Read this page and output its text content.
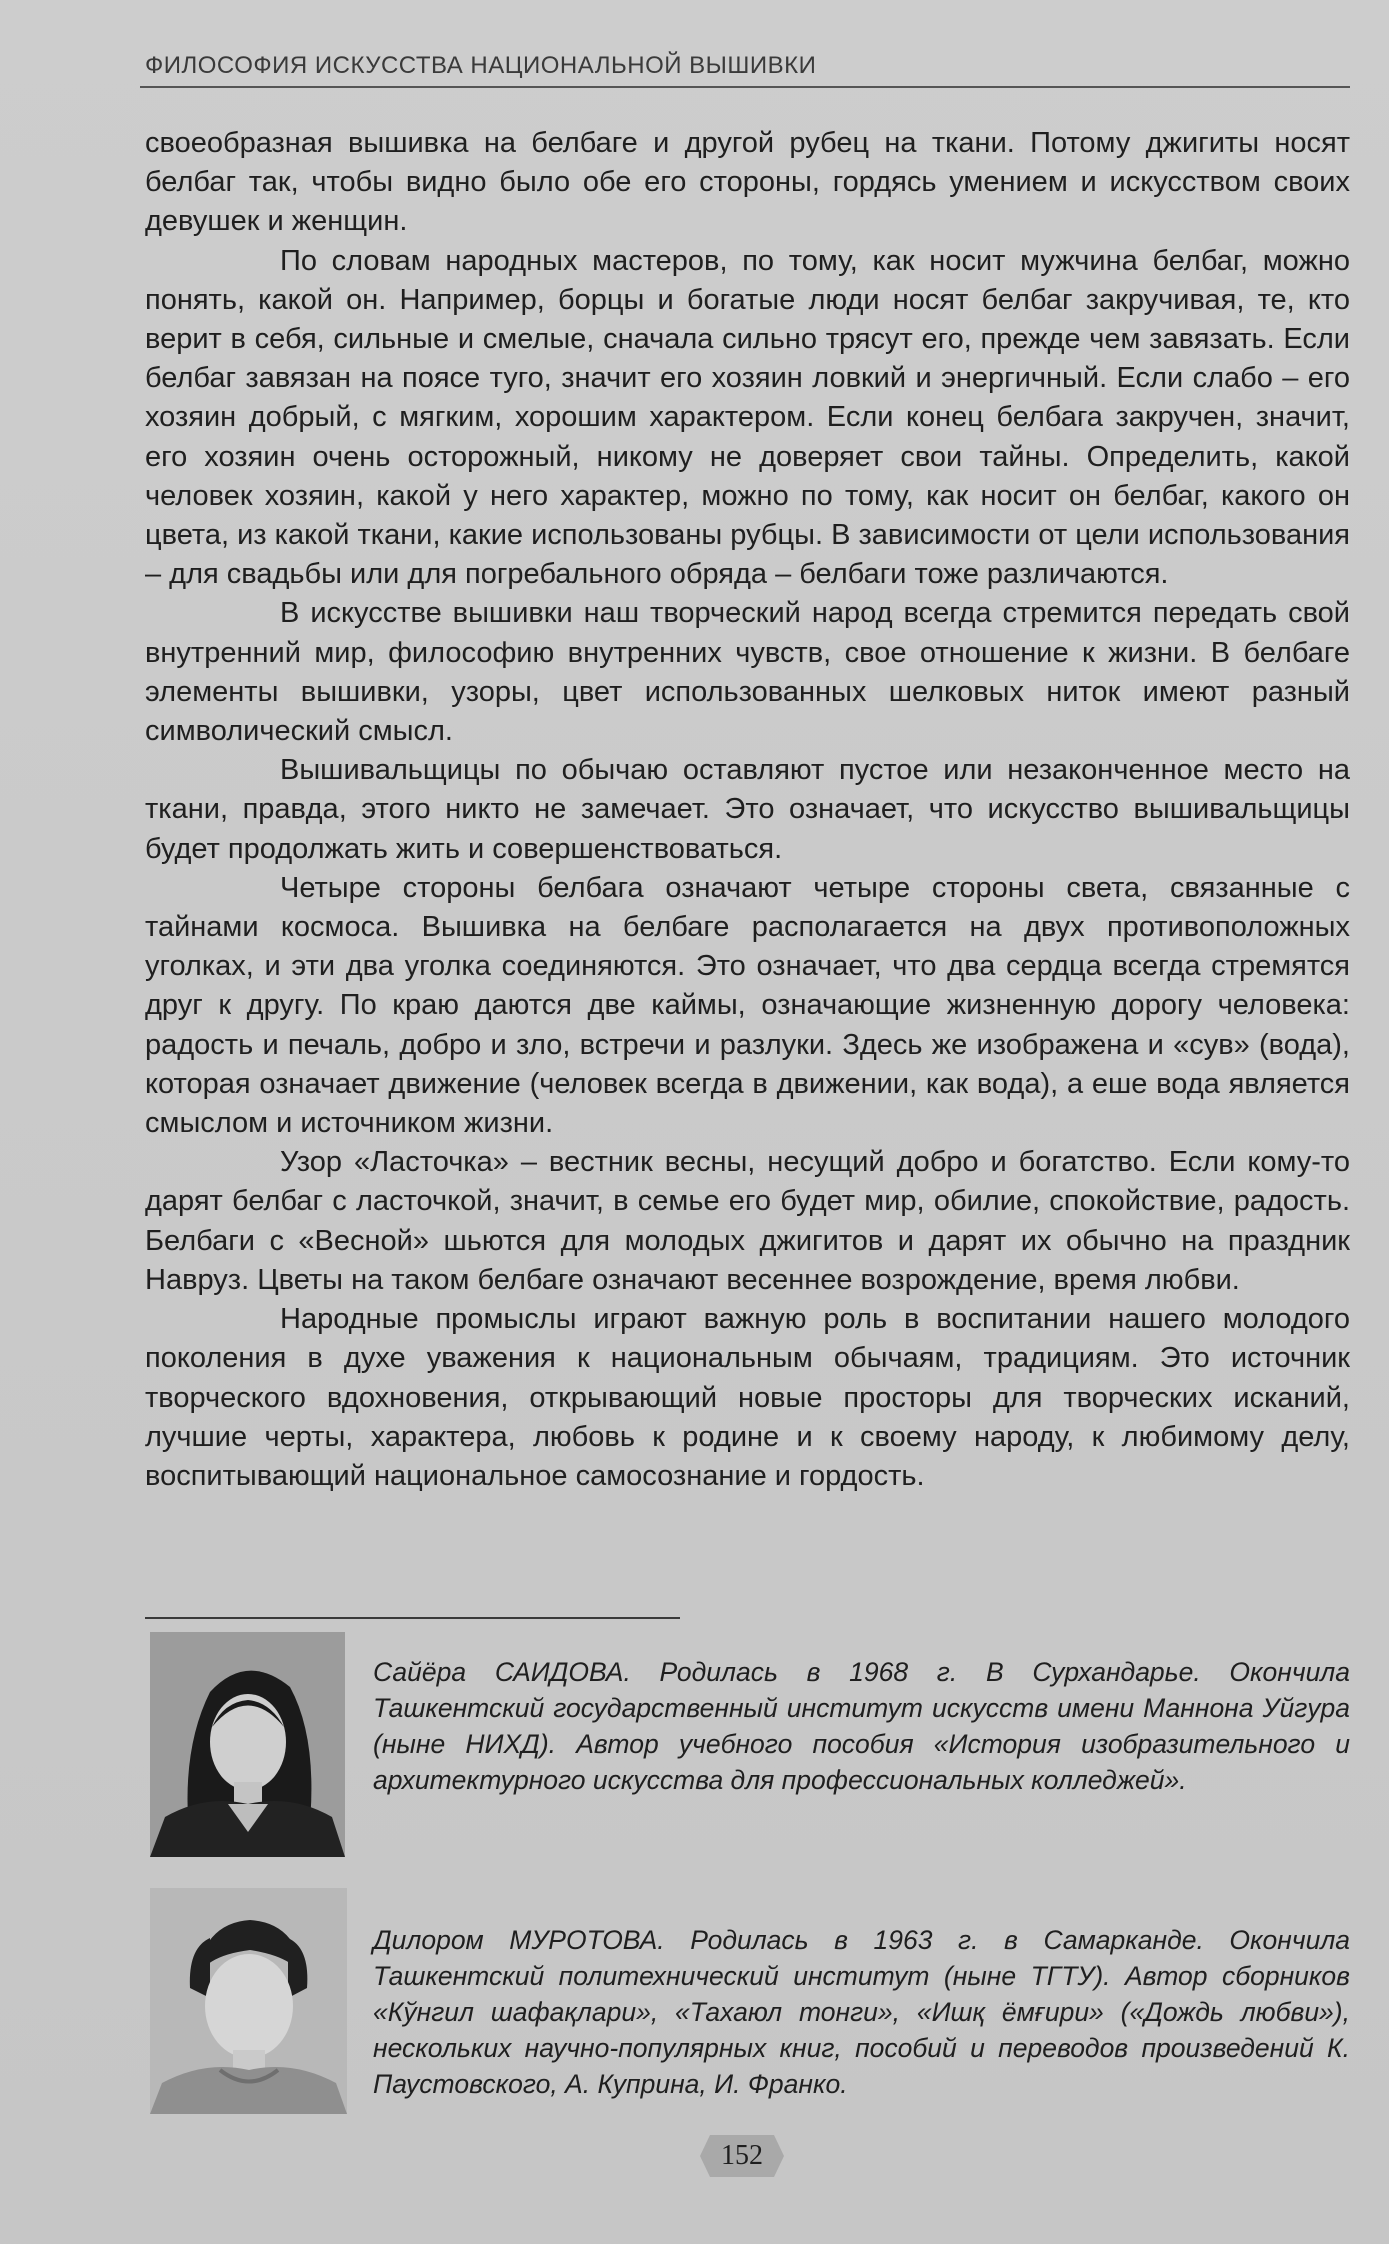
ФИЛОСОФИЯ ИСКУССТВА НАЦИОНАЛЬНОЙ ВЫШИВКИ

своеобразная вышивка на белбаге и другой рубец на ткани. Потому джигиты носят белбаг так, чтобы видно было обе его стороны, гордясь умением и искусством своих девушек и женщин.

По словам народных мастеров, по тому, как носит мужчина белбаг, можно понять, какой он. Например, борцы и богатые люди носят белбаг закручивая, те, кто верит в себя, сильные и смелые, сначала сильно трясут его, прежде чем завязать. Если белбаг завязан на поясе туго, значит его хозяин ловкий и энергичный. Если слабо – его хозяин добрый, с мягким, хорошим характером. Если конец белбага закручен, значит, его хозяин очень осторожный, никому не доверяет свои тайны. Определить, какой человек хозяин, какой у него характер, можно по тому, как носит он белбаг, какого он цвета, из какой ткани, какие использованы рубцы. В зависимости от цели использования – для свадьбы или для погребального обряда – белбаги тоже различаются.

В искусстве вышивки наш творческий народ всегда стремится передать свой внутренний мир, философию внутренних чувств, свое отношение к жизни. В белбаге элементы вышивки, узоры, цвет использованных шелковых ниток имеют разный символический смысл.

Вышивальщицы по обычаю оставляют пустое или незаконченное место на ткани, правда, этого никто не замечает. Это означает, что искусство вышивальщицы будет продолжать жить и совершенствоваться.

Четыре стороны белбага означают четыре стороны света, связанные с тайнами космоса. Вышивка на белбаге располагается на двух противоположных уголках, и эти два уголка соединяются. Это означает, что два сердца всегда стремятся друг к другу. По краю даются две каймы, означающие жизненную дорогу человека: радость и печаль, добро и зло, встречи и разлуки. Здесь же изображена и «сув» (вода), которая означает движение (человек всегда в движении, как вода), а еше вода является смыслом и источником жизни.

Узор «Ласточка» – вестник весны, несущий добро и богатство. Если кому-то дарят белбаг с ласточкой, значит, в семье его будет мир, обилие, спокойствие, радость. Белбаги с «Весной» шьются для молодых джигитов и дарят их обычно на праздник Навруз. Цветы на таком белбаге означают весеннее возрождение, время любви.

Народные промыслы играют важную роль в воспитании нашего молодого поколения в духе уважения к национальным обычаям, традициям. Это источник творческого вдохновения, открывающий новые просторы для творческих исканий, лучшие черты, характера, любовь к родине и к своему народу, к любимому делу, воспитывающий национальное самосознание и гордость.

Сайёра САИДОВА. Родилась в 1968 г. В Сурхандарье. Окончила Ташкентский государственный институт искусств имени Маннона Уйгура (ныне НИХД). Автор учебного пособия «История изобразительного и архитектурного искусства для профессиональных колледжей».
Дилором МУРОТОВА. Родилась в 1963 г. в Самарканде. Окончила Ташкентский политехнический институт (ныне ТГТУ). Автор сборников «Кўнгил шафақлари», «Тахаюл тонги», «Ишқ ёмғири» («Дождь любви»), нескольких научно-популярных книг, пособий и переводов произведений К. Паустовского, А. Куприна, И. Франко.
152
